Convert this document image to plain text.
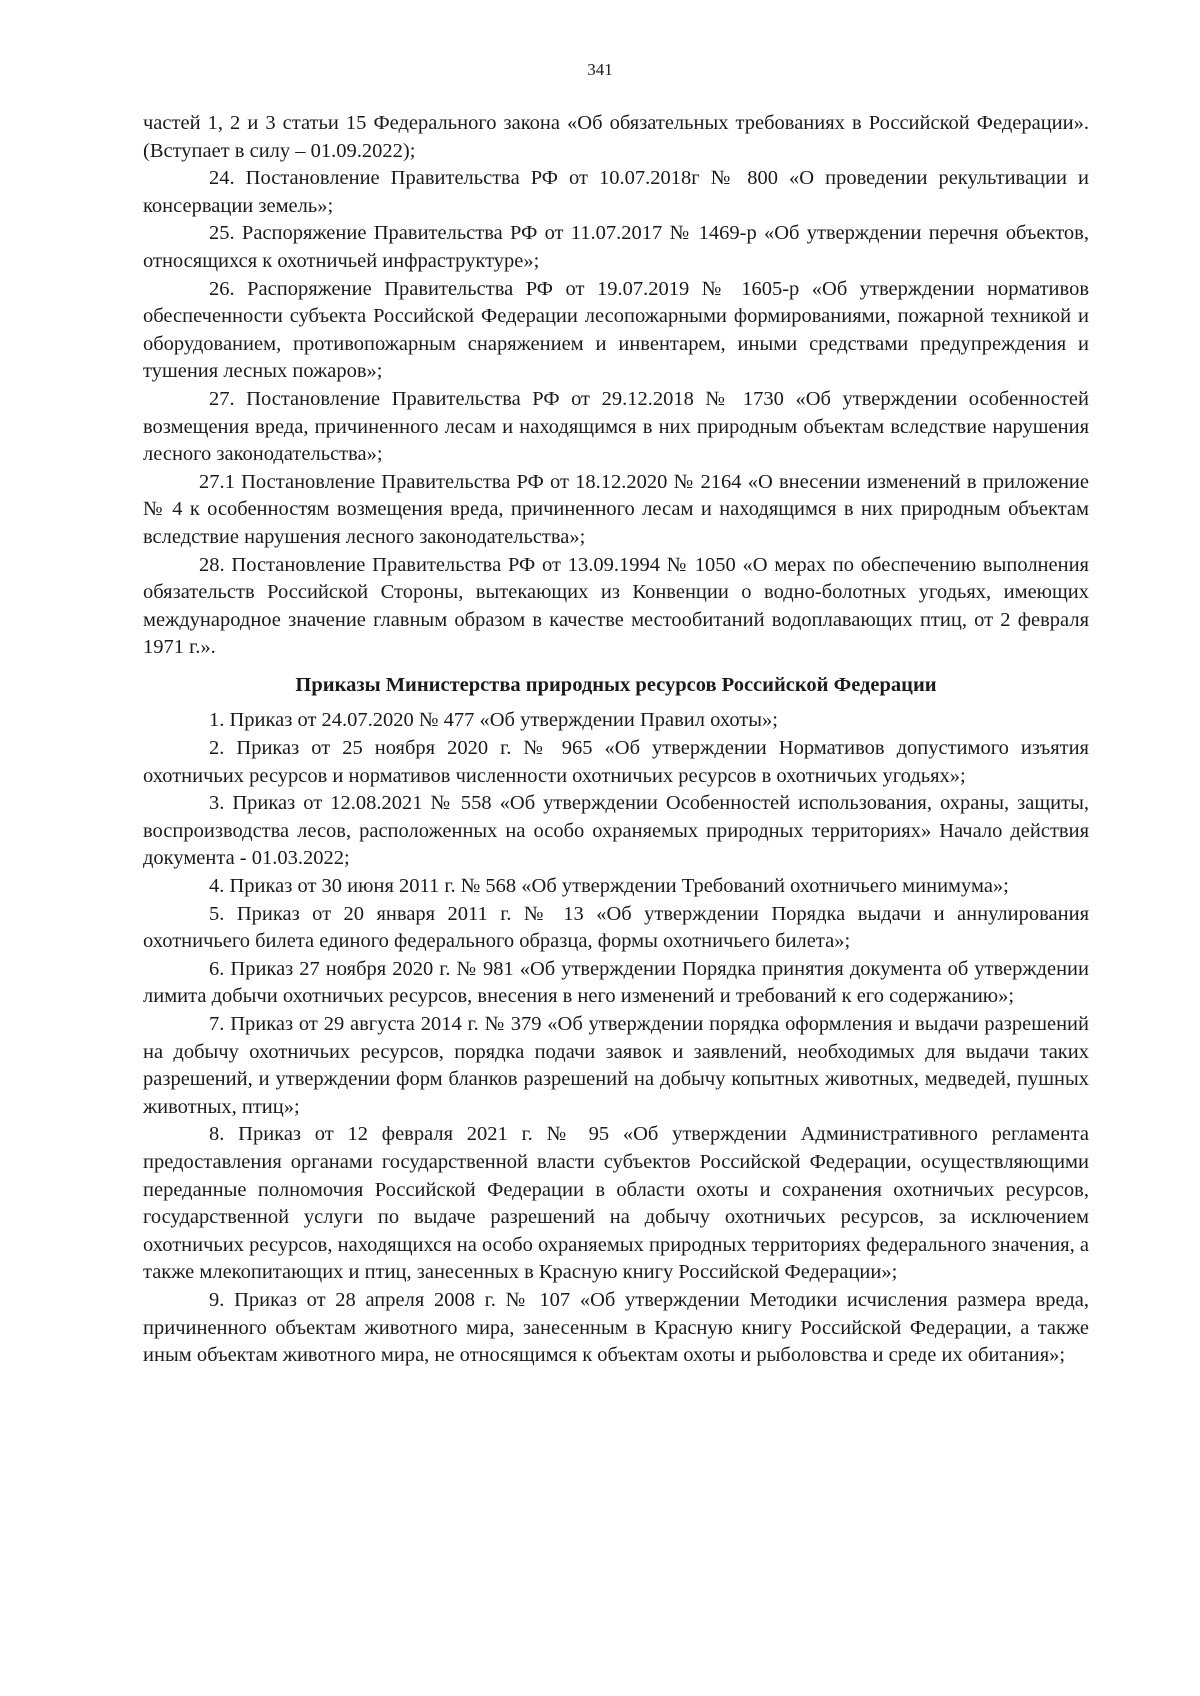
341

частей 1, 2 и 3 статьи 15 Федерального закона «Об обязательных требованиях в Российской Федерации». (Вступает в силу – 01.09.2022);

24. Постановление Правительства РФ от 10.07.2018г № 800 «О проведении рекультивации и консервации земель»;

25. Распоряжение Правительства РФ от 11.07.2017 № 1469-р «Об утверждении перечня объектов, относящихся к охотничьей инфраструктуре»;

26. Распоряжение Правительства РФ от 19.07.2019 № 1605-р «Об утверждении нормативов обеспеченности субъекта Российской Федерации лесопожарными формированиями, пожарной техникой и оборудованием, противопожарным снаряжением и инвентарем, иными средствами предупреждения и тушения лесных пожаров»;

27. Постановление Правительства РФ от 29.12.2018 № 1730 «Об утверждении особенностей возмещения вреда, причиненного лесам и находящимся в них природным объектам вследствие нарушения лесного законодательства»;

27.1 Постановление Правительства РФ от 18.12.2020 № 2164 «О внесении изменений в приложение № 4 к особенностям возмещения вреда, причиненного лесам и находящимся в них природным объектам вследствие нарушения лесного законодательства»;

28. Постановление Правительства РФ от 13.09.1994 № 1050 «О мерах по обеспечению выполнения обязательств Российской Стороны, вытекающих из Конвенции о водно-болотных угодьях, имеющих международное значение главным образом в качестве местообитаний водоплавающих птиц, от 2 февраля 1971 г.».

Приказы Министерства природных ресурсов Российской Федерации

1. Приказ от 24.07.2020 № 477 «Об утверждении Правил охоты»;

2. Приказ от 25 ноября 2020 г. № 965 «Об утверждении Нормативов допустимого изъятия охотничьих ресурсов и нормативов численности охотничьих ресурсов в охотничьих угодьях»;

3. Приказ от 12.08.2021 № 558 «Об утверждении Особенностей использования, охраны, защиты, воспроизводства лесов, расположенных на особо охраняемых природных территориях» Начало действия документа - 01.03.2022;

4. Приказ от 30 июня 2011 г. № 568 «Об утверждении Требований охотничьего минимума»;

5. Приказ от 20 января 2011 г. № 13 «Об утверждении Порядка выдачи и аннулирования охотничьего билета единого федерального образца, формы охотничьего билета»;

6. Приказ 27 ноября 2020 г. № 981 «Об утверждении Порядка принятия документа об утверждении лимита добычи охотничьих ресурсов, внесения в него изменений и требований к его содержанию»;

7. Приказ от 29 августа 2014 г. № 379 «Об утверждении порядка оформления и выдачи разрешений на добычу охотничьих ресурсов, порядка подачи заявок и заявлений, необходимых для выдачи таких разрешений, и утверждении форм бланков разрешений на добычу копытных животных, медведей, пушных животных, птиц»;

8. Приказ от 12 февраля 2021 г. № 95 «Об утверждении Административного регламента предоставления органами государственной власти субъектов Российской Федерации, осуществляющими переданные полномочия Российской Федерации в области охоты и сохранения охотничьих ресурсов, государственной услуги по выдаче разрешений на добычу охотничьих ресурсов, за исключением охотничьих ресурсов, находящихся на особо охраняемых природных территориях федерального значения, а также млекопитающих и птиц, занесенных в Красную книгу Российской Федерации»;

9. Приказ от 28 апреля 2008 г. № 107 «Об утверждении Методики исчисления размера вреда, причиненного объектам животного мира, занесенным в Красную книгу Российской Федерации, а также иным объектам животного мира, не относящимся к объектам охоты и рыболовства и среде их обитания»;
